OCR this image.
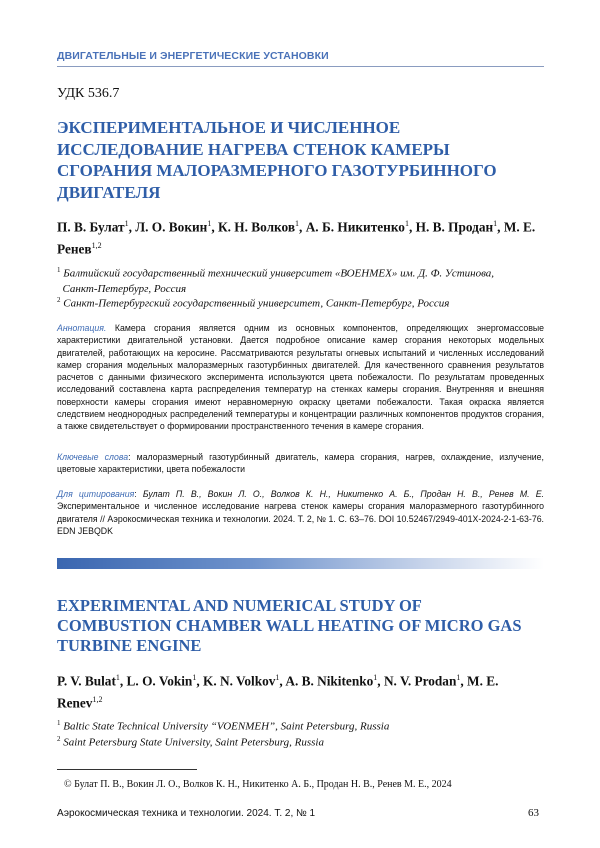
ДВИГАТЕЛЬНЫЕ И ЭНЕРГЕТИЧЕСКИЕ УСТАНОВКИ
УДК 536.7
ЭКСПЕРИМЕНТАЛЬНОЕ И ЧИСЛЕННОЕ ИССЛЕДОВАНИЕ НАГРЕВА СТЕНОК КАМЕРЫ СГОРАНИЯ МАЛОРАЗМЕРНОГО ГАЗОТУРБИННОГО ДВИГАТЕЛЯ
П. В. Булат$^1$, Л. О. Вокин$^1$, К. Н. Волков$^1$, А. Б. Никитенко$^1$, Н. В. Продан$^1$, М. Е. Ренев$^{1,2}$
$^1$ Балтийский государственный технический университет «ВОЕНМЕХ» им. Д. Ф. Устинова,
Санкт-Петербург, Россия
$^2$ Санкт-Петербургский государственный университет, Санкт-Петербург, Россия
Аннотация. Камера сгорания является одним из основных компонентов, определяющих энергомассовые характеристики двигательной установки. Дается подробное описание камер сгорания некоторых модельных двигателей, работающих на керосине. Рассматриваются результаты огневых испытаний и численных исследований камер сгорания модельных малоразмерных газотурбинных двигателей. Для качественного сравнения результатов расчетов с данными физического эксперимента используются цвета побежалости. По результатам проведенных исследований составлена карта распределения температур на стенках камеры сгорания. Внутренняя и внешняя поверхности камеры сгорания имеют неравномерную окраску цветами побежалости. Такая окраска является следствием неоднородных распределений температуры и концентрации различных компонентов продуктов сгорания, а также свидетельствует о формировании пространственного течения в камере сгорания.
Ключевые слова: малоразмерный газотурбинный двигатель, камера сгорания, нагрев, охлаждение, излучение, цветовые характеристики, цвета побежалости
Для цитирования: Булат П. В., Вокин Л. О., Волков К. Н., Никитенко А. Б., Продан Н. В., Ренев М. Е. Экспериментальное и численное исследование нагрева стенок камеры сгорания малоразмерного газотурбинного двигателя // Аэрокосмическая техника и технологии. 2024. Т. 2, № 1. С. 63–76. DOI 10.52467/2949-401X-2024-2-1-63-76. EDN JEBQDK
EXPERIMENTAL AND NUMERICAL STUDY OF COMBUSTION CHAMBER WALL HEATING OF MICRO GAS TURBINE ENGINE
P. V. Bulat$^1$, L. O. Vokin$^1$, K. N. Volkov$^1$, A. B. Nikitenko$^1$, N. V. Prodan$^1$, M. E. Renev$^{1,2}$
$^1$ Baltic State Technical University “VOENMEH”, Saint Petersburg, Russia
$^2$ Saint Petersburg State University, Saint Petersburg, Russia
© Булат П. В., Вокин Л. О., Волков К. Н., Никитенко А. Б., Продан Н. В., Ренев М. Е., 2024
Аэрокосмическая техника и технологии. 2024. Т. 2, № 1	63
